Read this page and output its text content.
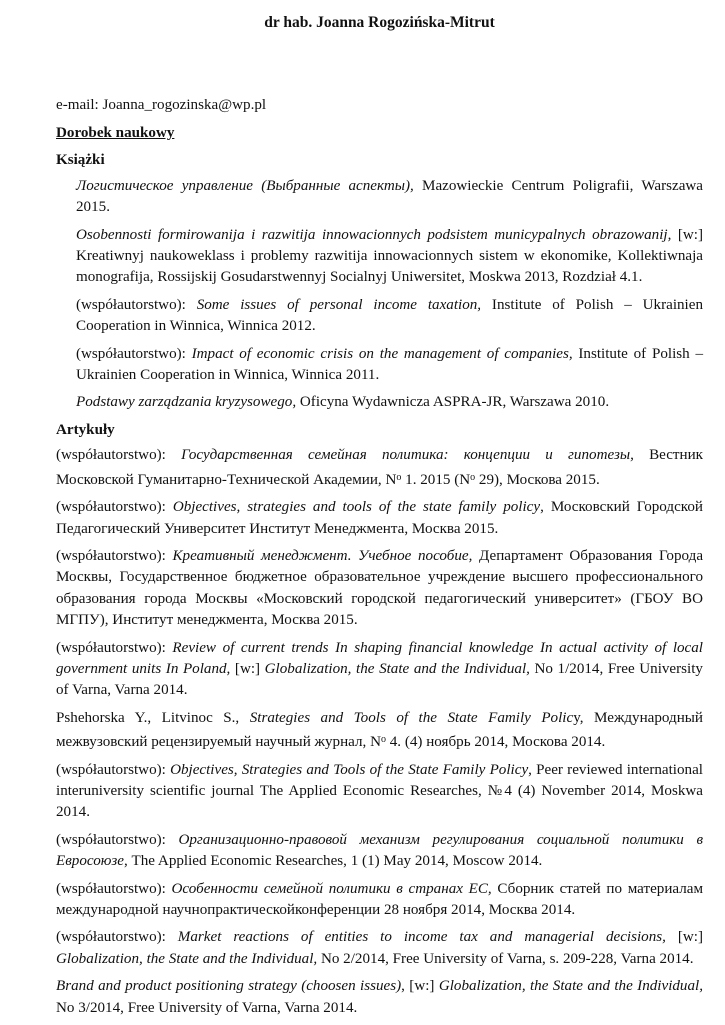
dr hab. Joanna Rogozińska-Mitrut

e-mail: Joanna_rogozinska@wp.pl

Dorobek naukowy

Książki

Логистическое управление (Выбранные аспекты), Mazowieckie Centrum Poligrafii, Warszawa 2015.

Osobennosti formirowanija i razwitija innowacionnych podsistem municypalnych obrazowanij, [w:] Kreatiwnyj naukoweklass i problemy razwitija innowacionnych sistem w ekonomike, Kollektiwnaja monografija, Rossijskij Gosudarstwennyj Socialnyj Uniwersitet, Moskwa 2013, Rozdział 4.1.

(współautorstwo): Some issues of personal income taxation, Institute of Polish – Ukrainien Cooperation in Winnica, Winnica 2012.

(współautorstwo): Impact of economic crisis on the management of companies, Institute of Polish – Ukrainien Cooperation in Winnica, Winnica 2011.

Podstawy zarządzania kryzysowego, Oficyna Wydawnicza ASPRA-JR, Warszawa 2010.

Artykuły

(współautorstwo): Государственная семейная политика: концепции и гипотезы, Вестник Московской Гуманитарно-Технической Академии, $N^o$ 1. 2015 ($N^o$ 29), Москова 2015.

(współautorstwo): Objectives, strategies and tools of the state family policy, Московский Городской Педагогический Университет Институт Менеджмента, Москва 2015.

(współautorstwo): Креативный менеджмент. Учебное пособие, Департамент Образования Города Москвы, Государственное бюджетное образовательное учреждение высшего профессионального образования города Москвы «Московский городской педагогический университет» (ГБОУ ВО МГПУ), Институт менеджмента, Москва 2015.

(współautorstwo): Review of current trends In shaping financial knowledge In actual activity of local government units In Poland, [w:] Globalization, the State and the Individual, No 1/2014, Free University of Varna, Varna 2014.

Pshehorska Y., Litvinoc S., Strategies and Tools of the State Family Policy, Международный межвузовский рецензируемый научный журнал, $N^o$ 4. (4) ноябрь 2014, Москова 2014.

(współautorstwo): Objectives, Strategies and Tools of the State Family Policy, Peer reviewed international interuniversity scientific journal The Applied Economic Researches, №4 (4) November 2014, Moskwa 2014.

(współautorstwo): Организационно-правовой механизм регулирования социальной политики в Евросоюзе, The Applied Economic Researches, 1 (1) May 2014, Moscow 2014.

(współautorstwo): Особенности семейной политики в странах ЕС, Сборник статей по материалам международной научнопрактическойконференции 28 ноября 2014, Москва 2014.

(współautorstwo): Market reactions of entities to income tax and managerial decisions, [w:] Globalization, the State and the Individual, No 2/2014, Free University of Varna, s. 209-228, Varna 2014.

Brand and product positioning strategy (choosen issues), [w:] Globalization, the State and the Individual, No 3/2014, Free University of Varna, Varna 2014.
